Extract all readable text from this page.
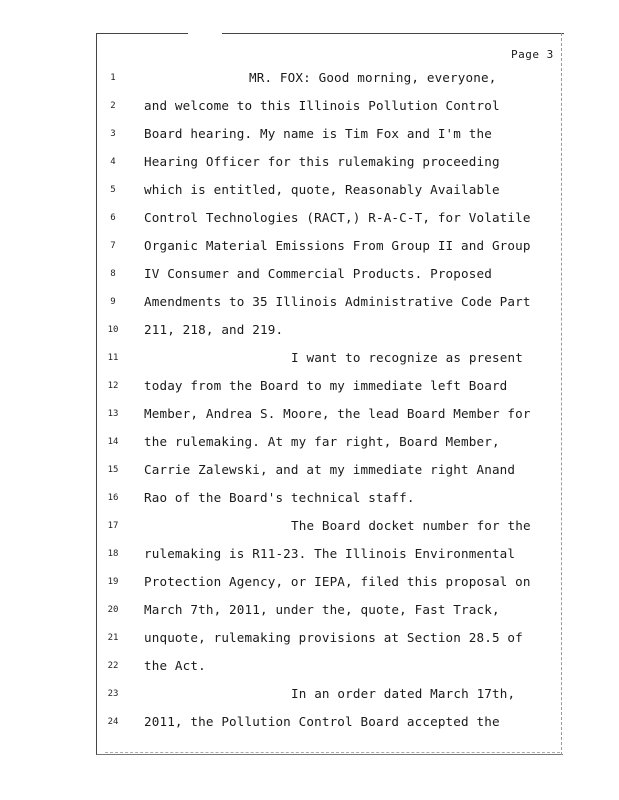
Page 3
1	MR. FOX: Good morning, everyone,
2	and welcome to this Illinois Pollution Control
3	Board hearing. My name is Tim Fox and I'm the
4	Hearing Officer for this rulemaking proceeding
5	which is entitled, quote, Reasonably Available
6	Control Technologies (RACT,) R-A-C-T, for Volatile
7	Organic Material Emissions From Group II and Group
8	IV Consumer and Commercial Products. Proposed
9	Amendments to 35 Illinois Administrative Code Part
10 211, 218, and 219.
11	I want to recognize as present
12 today from the Board to my immediate left Board
13 Member, Andrea S. Moore, the lead Board Member for
14 the rulemaking. At my far right, Board Member,
15 Carrie Zalewski, and at my immediate right Anand
16 Rao of the Board's technical staff.
17	The Board docket number for the
18 rulemaking is R11-23. The Illinois Environmental
19 Protection Agency, or IEPA, filed this proposal on
20 March 7th, 2011, under the, quote, Fast Track,
21 unquote, rulemaking provisions at Section 28.5 of
22 the Act.
23	In an order dated March 17th,
24 2011, the Pollution Control Board accepted the
